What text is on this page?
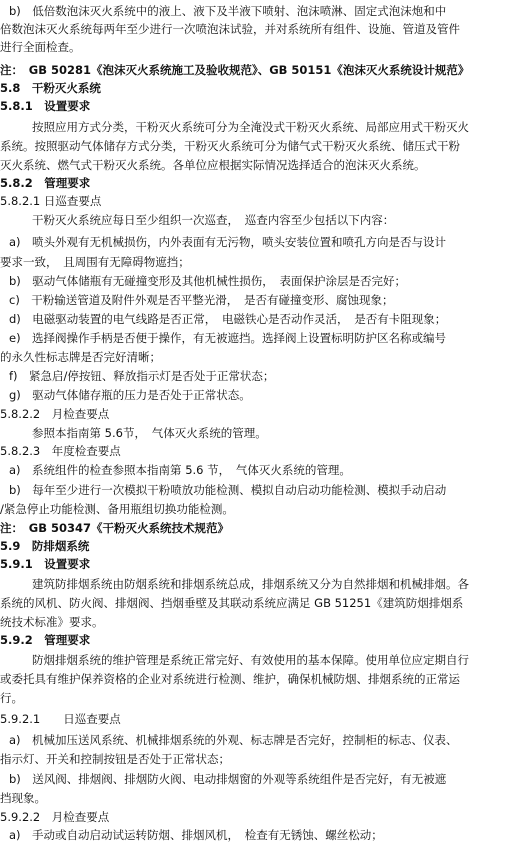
b)　低倍数泡沫灭火系统中的液上、液下及半液下喷射、泡沫喷淋、固定式泡沫炮和中
倍数泡沫灭火系统每两年至少进行一次喷泡沫试验，并对系统所有组件、设施、管道及管件
进行全面检查。
注：　GB 50281《泡沫灭火系统施工及验收规范》、GB 50151《泡沫灭火系统设计规范》
5.8　干粉灭火系统
5.8.1　设置要求
按照应用方式分类，干粉灭火系统可分为全淹没式干粉灭火系统、局部应用式干粉灭火
系统。按照驱动气体储存方式分类，干粉灭火系统可分为储气式干粉灭火系统、储压式干粉
灭火系统、燃气式干粉灭火系统。各单位应根据实际情况选择适合的泡沫灭火系统。
5.8.2　管理要求
5.8.2.1 日巡查要点
干粉灭火系统应每日至少组织一次巡查，　巡查内容至少包括以下内容：
a)　喷头外观有无机械损伤，内外表面有无污物，喷头安装位置和喷孔方向是否与设计
要求一致，　且周围有无障碍物遮挡；
b)　驱动气体储瓶有无碰撞变形及其他机械性损伤，　表面保护涂层是否完好；
c)　干粉输送管道及附件外观是否平整光滑，　是否有碰撞变形、腐蚀现象；
d)　电磁驱动装置的电气线路是否正常，　电磁铁心是否动作灵活，　是否有卡阻现象；
e)　选择阀操作手柄是否便于操作，有无被遮挡。选择阀上设置标明防护区名称或编号
的永久性标志牌是否完好清晰；
f)　紧急启/停按钮、释放指示灯是否处于正常状态；
g)　驱动气体储存瓶的压力是否处于正常状态。
5.8.2.2　月检查要点
参照本指南第 5.6节，　气体灭火系统的管理。
5.8.2.3　年度检查要点
a)　系统组件的检查参照本指南第 5.6 节，　气体灭火系统的管理。
b)　每年至少进行一次模拟干粉喷放功能检测、模拟自动启动功能检测、模拟手动启动
/紧急停止功能检测、备用瓶组切换功能检测。
注：　GB 50347《干粉灭火系统技术规范》
5.9　防排烟系统
5.9.1　设置要求
建筑防排烟系统由防烟系统和排烟系统总成，排烟系统又分为自然排烟和机械排烟。各
系统的风机、防火阀、排烟阀、挡烟垂壁及其联动系统应满足 GB 51251《建筑防烟排烟系
统技术标准》要求。
5.9.2　管理要求
防烟排烟系统的维护管理是系统正常完好、有效使用的基本保障。使用单位应定期自行
或委托具有维护保养资格的企业对系统进行检测、维护，确保机械防烟、排烟系统的正常运
行。
5.9.2.1　　日巡查要点
a)　机械加压送风系统、机械排烟系统的外观、标志牌是否完好，控制柜的标志、仪表、
指示灯、开关和控制按钮是否处于正常状态；
b)　送风阀、排烟阀、排烟防火阀、电动排烟窗的外观等系统组件是否完好，有无被遮
挡现象。
5.9.2.2　月检查要点
a)　手动或自动启动试运转防烟、排烟风机，　检查有无锈蚀、螺丝松动；
